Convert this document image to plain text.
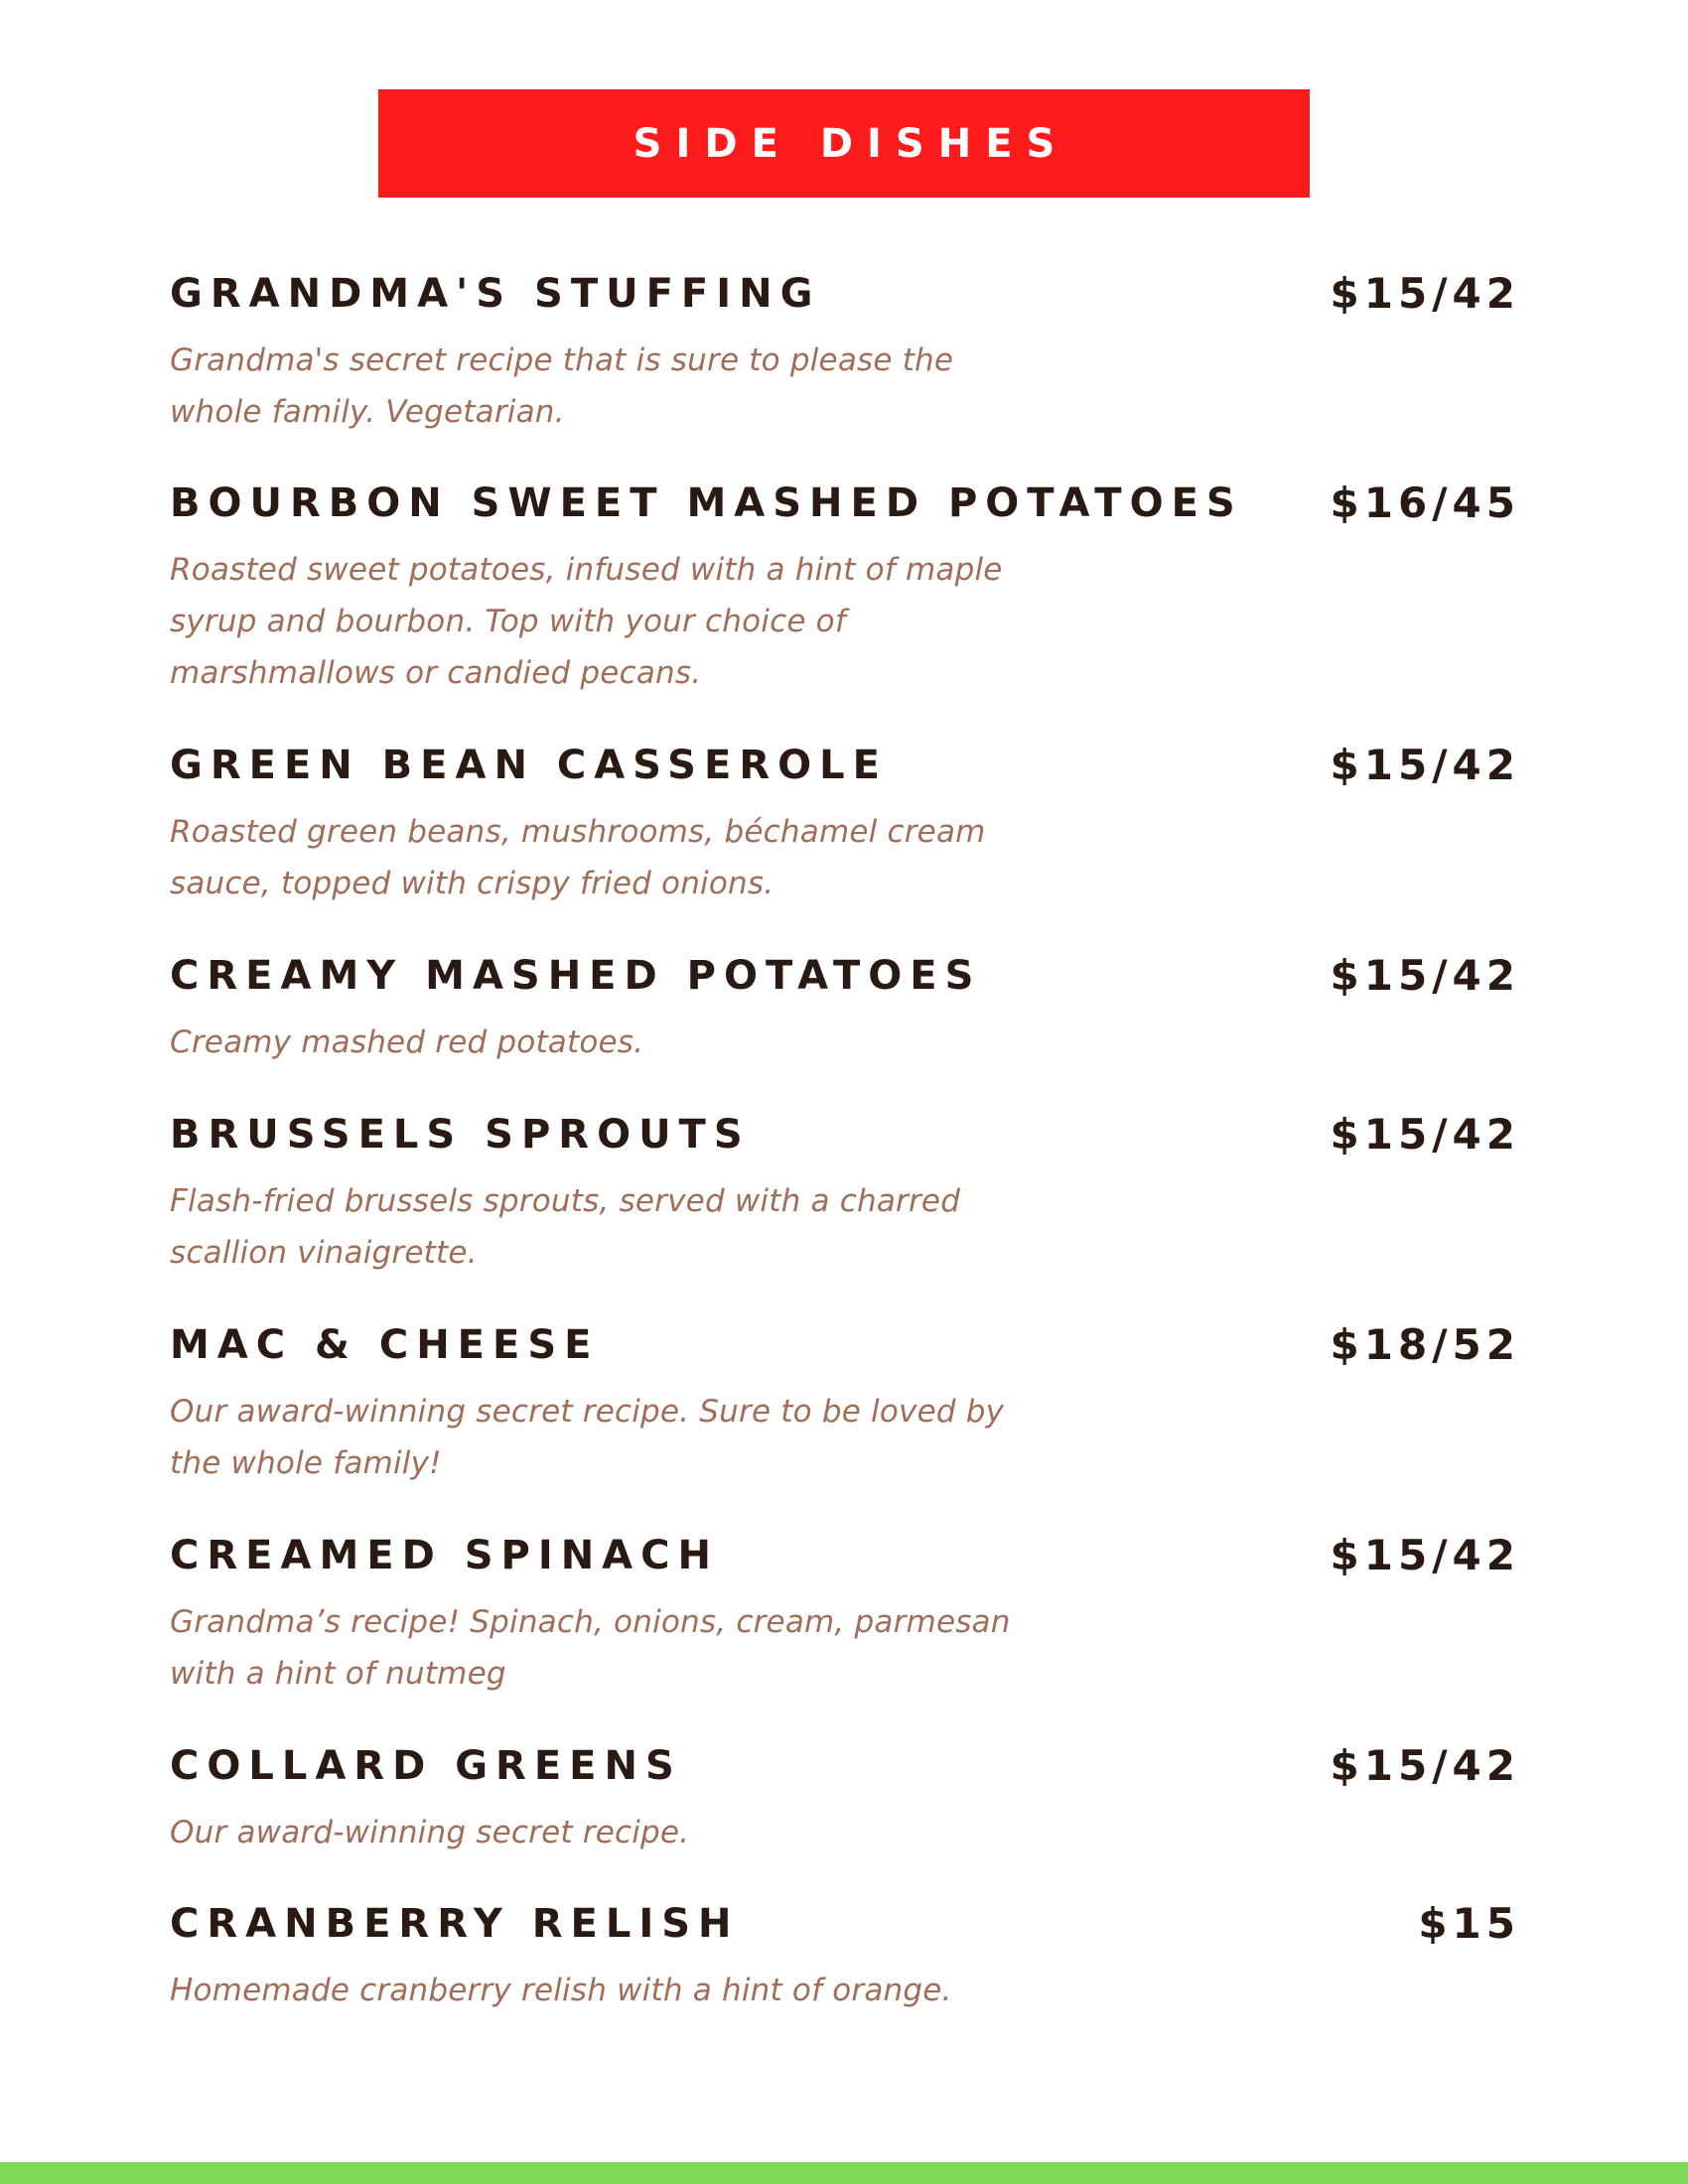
SIDE DISHES
GRANDMA'S STUFFING	$15/42
Grandma's secret recipe that is sure to please the
whole family. Vegetarian.
BOURBON SWEET MASHED POTATOES $16/45
Roasted sweet potatoes, infused with a hint of maple
syrup and bourbon. Top with your choice of
marshmallows or candied pecans.
GREEN BEAN CASSEROLE	$15/42
Roasted green beans, mushrooms, béchamel cream
sauce, topped with crispy fried onions.
CREAMY MASHED POTATOES	$15/42
Creamy mashed red potatoes.
BRUSSELS SPROUTS	$15/42
Flash-fried brussels sprouts, served with a charred
scallion vinaigrette.
MAC & CHEESE	$18/52
Our award-winning secret recipe. Sure to be loved by
the whole family!
CREAMED SPINACH	$15/42
Grandma’s recipe! Spinach, onions, cream, parmesan
with a hint of nutmeg
COLLARD GREENS	$15/42
Our award-winning secret recipe.
CRANBERRY RELISH	$15
Homemade cranberry relish with a hint of orange.
